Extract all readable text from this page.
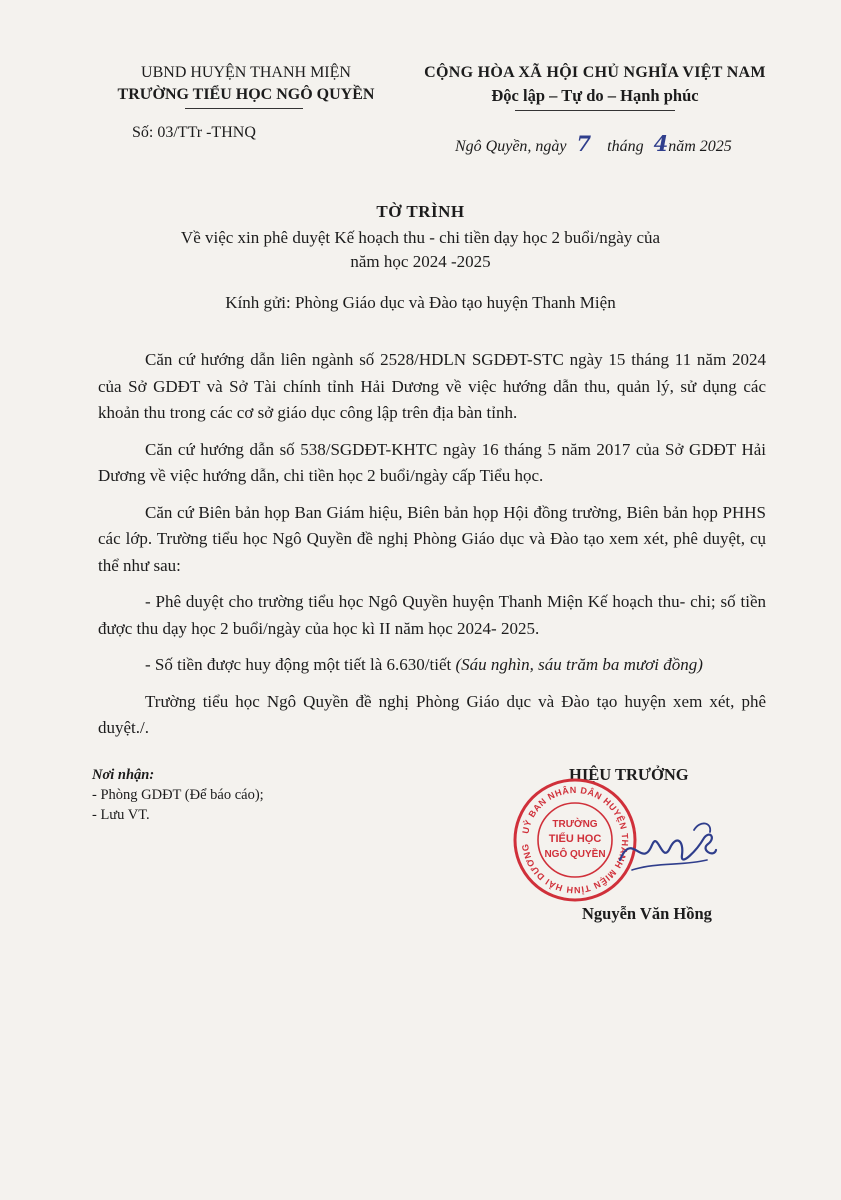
UBND HUYỆN THANH MIỆN
TRƯỜNG TIỂU HỌC NGÔ QUYỀN
CỘNG HÒA XÃ HỘI CHỦ NGHĨA VIỆT NAM
Độc lập – Tự do – Hạnh phúc
Số: 03/TTr -THNQ
Ngô Quyền, ngày 7 tháng 4năm 2025
TỜ TRÌNH
Về việc xin phê duyệt Kế hoạch thu - chi tiền dạy học 2 buổi/ngày của
năm học 2024 -2025
Kính gửi: Phòng Giáo dục và Đào tạo huyện Thanh Miện

Căn cứ hướng dẫn liên ngành số 2528/HDLN SGDĐT-STC ngày 15 tháng 11 năm 2024 của Sở GDĐT và Sở Tài chính tỉnh Hải Dương về việc hướng dẫn thu, quản lý, sử dụng các khoản thu trong các cơ sở giáo dục công lập trên địa bàn tỉnh.

Căn cứ hướng dẫn số 538/SGDĐT-KHTC ngày 16 tháng 5 năm 2017 của Sở GDĐT Hải Dương về việc hướng dẫn, chi tiền học 2 buổi/ngày cấp Tiểu học.

Căn cứ Biên bản họp Ban Giám hiệu, Biên bản họp Hội đồng trường, Biên bản họp PHHS các lớp. Trường tiểu học Ngô Quyền đề nghị Phòng Giáo dục và Đào tạo xem xét, phê duyệt, cụ thể như sau:

- Phê duyệt cho trường tiểu học Ngô Quyền huyện Thanh Miện Kế hoạch thu- chi; số tiền được thu dạy học 2 buổi/ngày của học kì II năm học 2024- 2025.

- Số tiền được huy động một tiết là 6.630/tiết (Sáu nghìn, sáu trăm ba mươi đồng)

Trường tiểu học Ngô Quyền đề nghị Phòng Giáo dục và Đào tạo huyện xem xét, phê duyệt./.

Nơi nhận:
- Phòng GDĐT (Để báo cáo);
- Lưu VT.
HIỆU TRƯỞNG
UỶ BAN NHÂN DÂN HUYỆN THANH MIỆN TỈNH HẢI DƯƠNG
TRƯỜNG
TIỂU HỌC
NGÔ QUYỀN
Nguyễn Văn Hồng
